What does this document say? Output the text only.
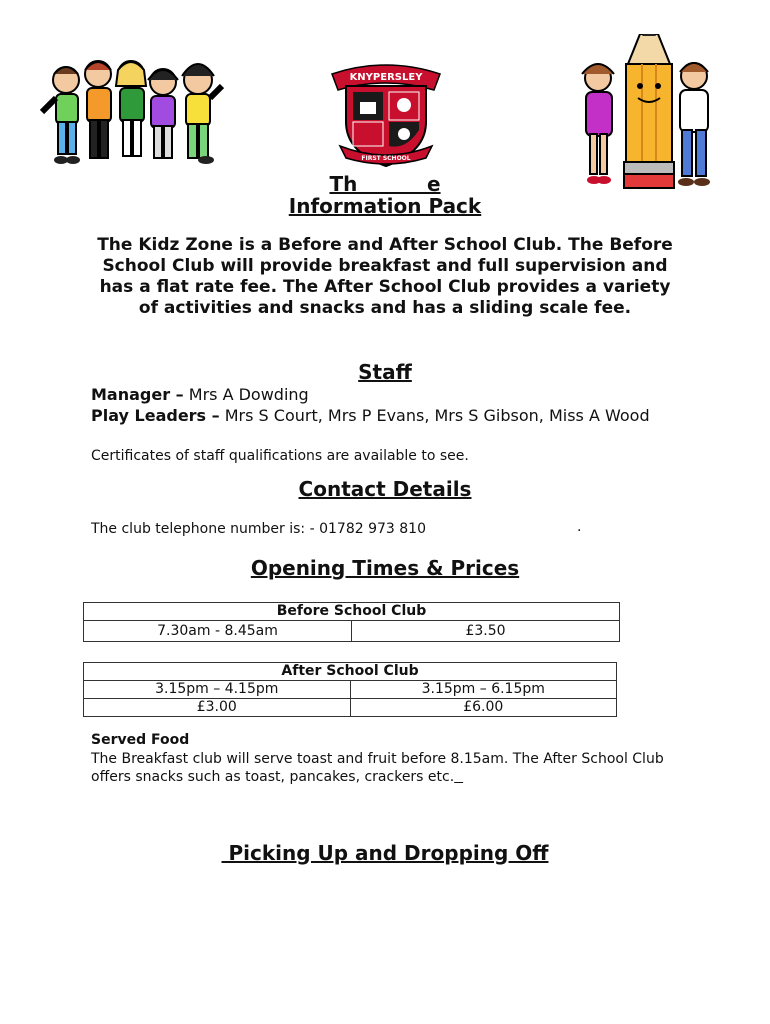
KNYPERSLEY
FIRST SCHOOL
Th          e
Information Pack
The Kidz Zone is a Before and After School Club. The Before School Club will provide breakfast and full supervision and has a flat rate fee. The After School Club provides a variety of activities and snacks and has a sliding scale fee.
Staff
Manager – Mrs A Dowding
Play Leaders – Mrs S Court, Mrs P Evans, Mrs S Gibson, Miss A Wood
Certificates of staff qualifications are available to see.
Contact Details
The club telephone number is: - 01782 973 810	.
Opening Times & Prices
Before School Club
7.30am - 8.45am	£3.50
After School Club	
3.15pm – 4.15pm	3.15pm – 6.15pm
£3.00	£6.00
Served Food
The Breakfast club will serve toast and fruit before 8.15am. The After School Club offers snacks such as toast, pancakes, crackers etc.
Picking Up and Dropping Off
